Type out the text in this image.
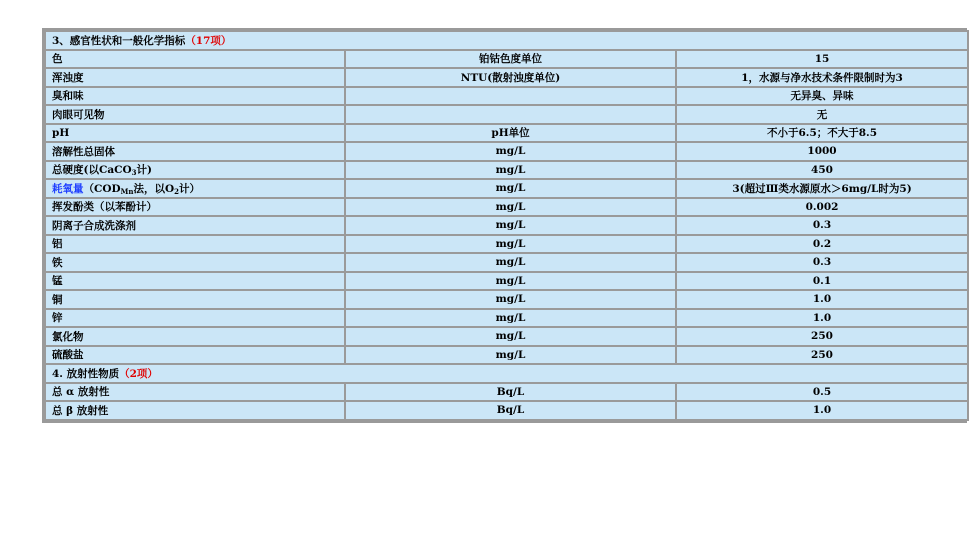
3、感官性状和一般化学指标（17项）		
色	铂钴色度单位	15
浑浊度	NTU(散射浊度单位)	1，水源与净水技术条件限制时为3
臭和味		无异臭、异味
肉眼可见物		无
pH	pH单位	不小于6.5；不大于8.5
溶解性总固体	mg/L	1000
总硬度(以CaCO$_3$计)	mg/L	450
耗氧量（$COD_{Mn}$法，以$O_2$计）	mg/L	3(超过Ⅲ类水源原水＞6mg/L时为5)
挥发酚类（以苯酚计）	mg/L	0.002
阴离子合成洗涤剂	mg/L	0.3
铝	mg/L	0.2
铁	mg/L	0.3
锰	mg/L	0.1
铜	mg/L	1.0
锌	mg/L	1.0
氯化物	mg/L	250
硫酸盐	mg/L	250
4. 放射性物质（2项）		
总 α 放射性	Bq/L	0.5
总 β 放射性	Bq/L	1.0
